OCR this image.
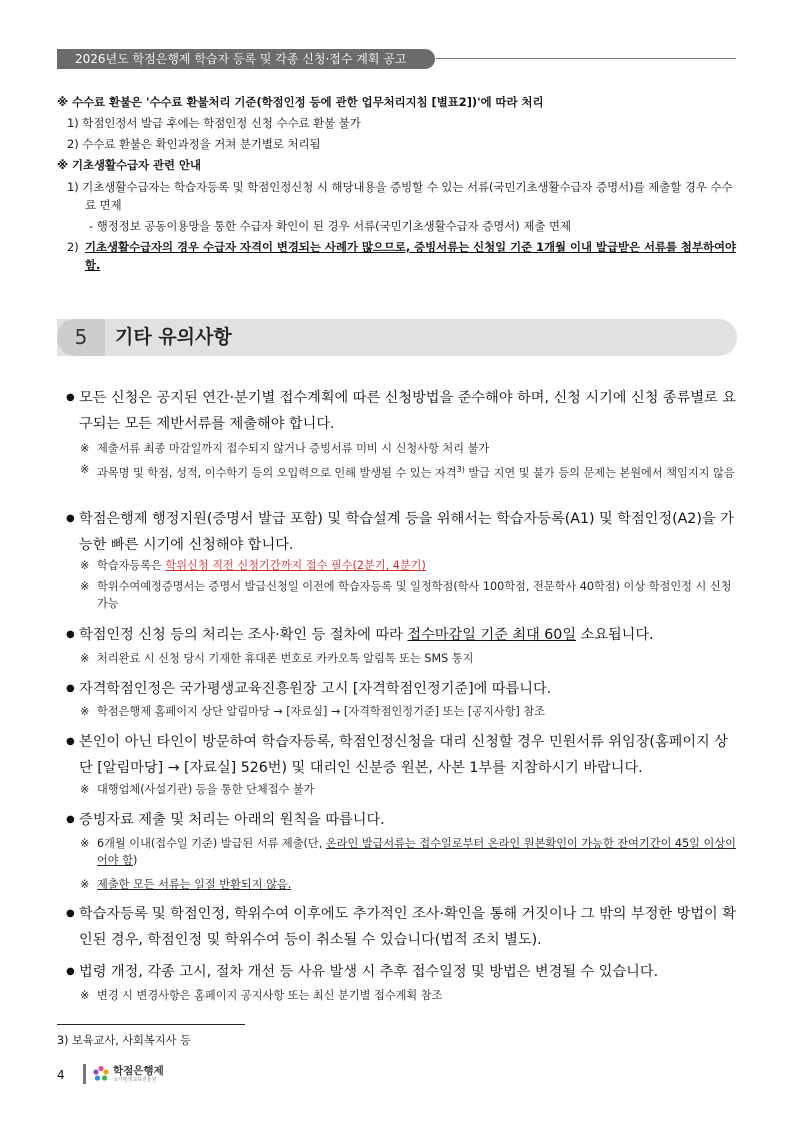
2026년도 학점은행제 학습자 등록 및 각종 신청·접수 계획 공고
※ 수수료 환불은 '수수료 환불처리 기준(학점인정 등에 관한 업무처리지침 [별표2])'에 따라 처리
1) 학점인정서 발급 후에는 학점인정 신청 수수료 환불 불가
2) 수수료 환불은 확인과정을 거쳐 분기별로 처리됨
※ 기초생활수급자 관련 안내
1) 기초생활수급자는 학습자등록 및 학점인정신청 시 해당내용을 증빙할 수 있는 서류(국민기초생활수급자 증명서)를 제출할 경우 수수료 면제
- 행정정보 공동이용망을 통한 수급자 확인이 된 경우 서류(국민기초생활수급자 증명서) 제출 면제
2) 기초생활수급자의 경우 수급자 자격이 변경되는 사례가 많으므로, 증빙서류는 신청일 기준 1개월 이내 발급받은 서류를 첨부하여야 함.
5	기타 유의사항
● 모든 신청은 공지된 연간·분기별 접수계획에 따른 신청방법을 준수해야 하며, 신청 시기에 신청 종류별로 요구되는 모든 제반서류를 제출해야 합니다.
※ 제출서류 최종 마감일까지 접수되지 않거나 증빙서류 미비 시 신청사항 처리 불가
※ 과목명 및 학점, 성적, 이수학기 등의 오입력으로 인해 발생될 수 있는 자격$^{3)}$ 발급 지연 및 불가 등의 문제는 본원에서 책임지지 않음
● 학점은행제 행정지원(증명서 발급 포함) 및 학습설계 등을 위해서는 학습자등록(A1) 및 학점인정(A2)을 가능한 빠른 시기에 신청해야 합니다.
※ 학습자등록은 학위신청 직전 신청기간까지 접수 필수(2분기, 4분기)
※ 학위수여예정증명서는 증명서 발급신청일 이전에 학습자등록 및 일정학점(학사 100학점, 전문학사 40학점) 이상 학점인정 시 신청 가능
● 학점인정 신청 등의 처리는 조사·확인 등 절차에 따라 접수마감일 기준 최대 60일 소요됩니다.
※ 처리완료 시 신청 당시 기재한 휴대폰 번호로 카카오톡 알림톡 또는 SMS 통지
● 자격학점인정은 국가평생교육진흥원장 고시 [자격학점인정기준]에 따릅니다.
※ 학점은행제 홈페이지 상단 알림마당 → [자료실] → [자격학점인정기준] 또는 [공지사항] 참조
● 본인이 아닌 타인이 방문하여 학습자등록, 학점인정신청을 대리 신청할 경우 민원서류 위임장(홈페이지 상단 [알림마당] → [자료실] 526번) 및 대리인 신분증 원본, 사본 1부를 지참하시기 바랍니다.
※ 대행업체(사설기관) 등을 통한 단체접수 불가
● 증빙자료 제출 및 처리는 아래의 원칙을 따릅니다.
※ 6개월 이내(접수일 기준) 발급된 서류 제출(단, 온라인 발급서류는 접수일로부터 온라인 원본확인이 가능한 잔여기간이 45일 이상이어야 함)
※ 제출한 모든 서류는 일절 반환되지 않음.
● 학습자등록 및 학점인정, 학위수여 이후에도 추가적인 조사·확인을 통해 거짓이나 그 밖의 부정한 방법이 확인된 경우, 학점인정 및 학위수여 등이 취소될 수 있습니다(법적 조치 별도).
● 법령 개정, 각종 고시, 절차 개선 등 사유 발생 시 추후 접수일정 및 방법은 변경될 수 있습니다.
※ 변경 시 변경사항은 홈페이지 공지사항 또는 최신 분기별 접수계획 참조
3) 보육교사, 사회복지사 등
4	학점은행제
국가평생교육진흥원
